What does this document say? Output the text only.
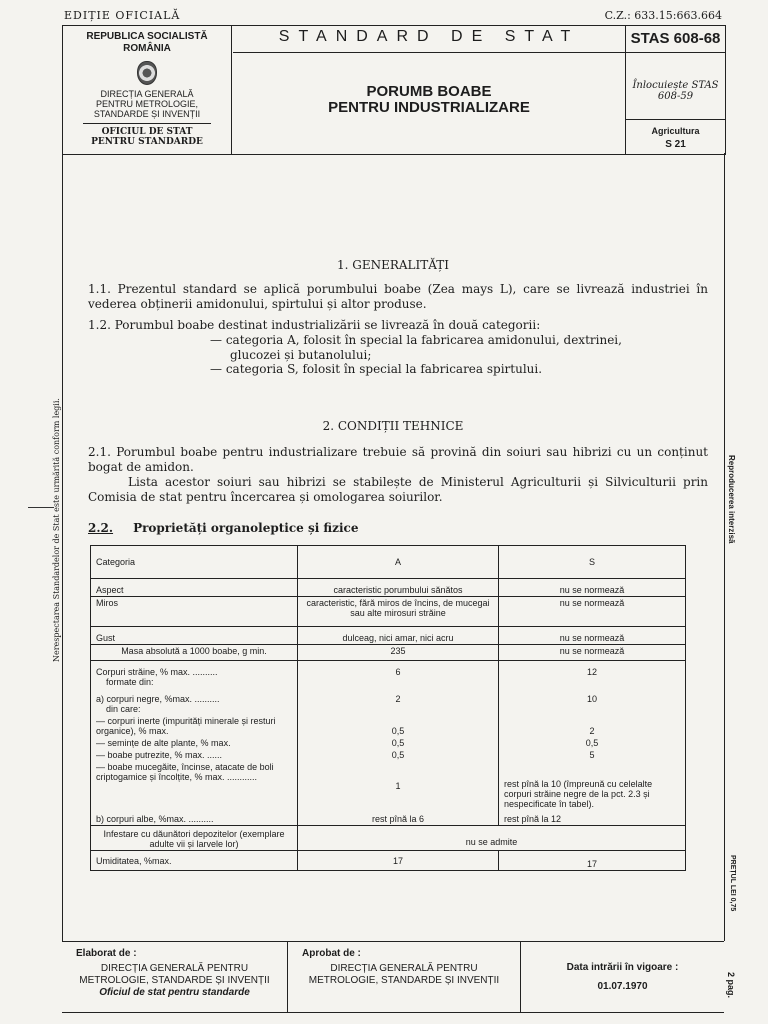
EDIȚIE OFICIALĂ	C.Z.: 633.15:663.664
REPUBLICA SOCIALISTĂ
ROMÂNIA
DIRECȚIA GENERALĂ
PENTRU METROLOGIE,
STANDARDE ȘI INVENȚII
OFICIUL DE STAT
PENTRU STANDARDE
STANDARD DE STAT
PORUMB BOABE
PENTRU INDUSTRIALIZARE
STAS 608-68
Înlocuiește STAS 608-59
Agricultura
S 21
1. GENERALITĂȚI
1.1. Prezentul standard se aplică porumbului boabe (Zea mays L), care se livrează industriei în vederea obținerii amidonului, spirtului și altor produse.
1.2. Porumbul boabe destinat industrializării se livrează în două categorii:
— categoria A, folosit în special la fabricarea amidonului, dextrinei,
glucozei și butanolului;
— categoria S, folosit în special la fabricarea spirtului.
2. CONDIȚII TEHNICE
2.1. Porumbul boabe pentru industrializare trebuie să provină din soiuri sau hibrizi cu un conținut bogat de amidon.
Lista acestor soiuri sau hibrizi se stabilește de Ministerul Agriculturii și Silviculturii prin Comisia de stat pentru încercarea și omologarea soiurilor.
2.2. Proprietăți organoleptice și fizice
Categoria	A	S
Aspect	caracteristic porumbului sănătos	nu se normează
Miros	caracteristic, fără miros de încins, de mucegai sau alte mirosuri străine	nu se normează
Gust	dulceag, nici amar, nici acru	nu se normează
Masa absolută a 1000 boabe, g min.	235	nu se normează

Corpuri străine, % max. ..........
formate din:	6	12

a) corpuri negre, %max. ..........
din care:	2	10
— corpuri inerte (impurități minerale și resturi organice), % max.	0,5	2
— semințe de alte plante, % max.	0,5	0,5
— boabe putrezite, % max. ......	0,5	5
— boabe mucegăite, încinse, atacate de boli criptogamice și încolțite, % max. ............	1	rest pînă la 10 (împreună cu celelalte corpuri străine negre de la pct. 2.3 și nespecificate în tabel).
b) corpuri albe, %max. ..........	rest pînă la 6	rest pînă la 12
Infestare cu dăunători depozitelor (exemplare adulte vii și larvele lor)	nu se admite	
Umiditatea, %max.	17	17
Elaborat de :
DIRECȚIA GENERALĂ PENTRU
METROLOGIE, STANDARDE ȘI INVENȚII
Oficiul de stat pentru standarde
Aprobat de :
DIRECȚIA GENERALĂ PENTRU
METROLOGIE, STANDARDE ȘI INVENȚII
Data intrării în vigoare :
01.07.1970
Nerespectarea Standardelor de Stat este urmărită conform legii.	Reproducerea interzisă
PREȚUL LEI 0,75
2 pag.
